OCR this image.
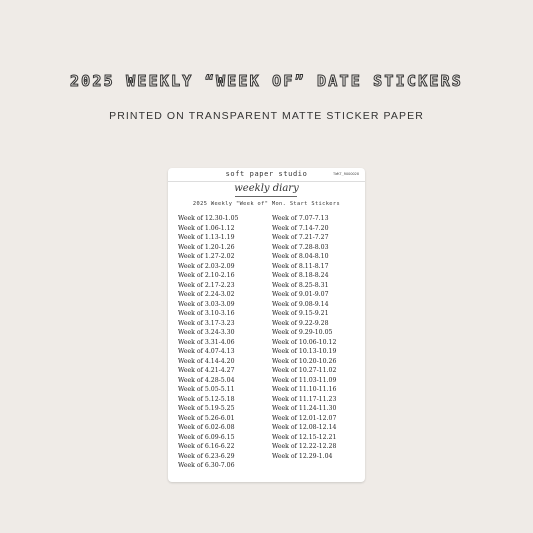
2025 WEEKLY “WEEK OF” DATE STICKERS
PRINTED ON TRANSPARENT MATTE STICKER PAPER
soft paper studio	TWKT_ROOOO28
weekly diary
2025 Weekly "Week of" Mon. Start Stickers
Week of 12.30-1.05
Week of 1.06-1.12
Week of 1.13-1.19
Week of 1.20-1.26
Week of 1.27-2.02
Week of 2.03-2.09
Week of 2.10-2.16
Week of 2.17-2.23
Week of 2.24-3.02
Week of 3.03-3.09
Week of 3.10-3.16
Week of 3.17-3.23
Week of 3.24-3.30
Week of 3.31-4.06
Week of 4.07-4.13
Week of 4.14-4.20
Week of 4.21-4.27
Week of 4.28-5.04
Week of 5.05-5.11
Week of 5.12-5.18
Week of 5.19-5.25
Week of 5.26-6.01
Week of 6.02-6.08
Week of 6.09-6.15
Week of 6.16-6.22
Week of 6.23-6.29
Week of 6.30-7.06
Week of 7.07-7.13
Week of 7.14-7.20
Week of 7.21-7.27
Week of 7.28-8.03
Week of 8.04-8.10
Week of 8.11-8.17
Week of 8.18-8.24
Week of 8.25-8.31
Week of 9.01-9.07
Week of 9.08-9.14
Week of 9.15-9.21
Week of 9.22-9.28
Week of 9.29-10.05
Week of 10.06-10.12
Week of 10.13-10.19
Week of 10.20-10.26
Week of 10.27-11.02
Week of 11.03-11.09
Week of 11.10-11.16
Week of 11.17-11.23
Week of 11.24-11.30
Week of 12.01-12.07
Week of 12.08-12.14
Week of 12.15-12.21
Week of 12.22-12.28
Week of 12.29-1.04
